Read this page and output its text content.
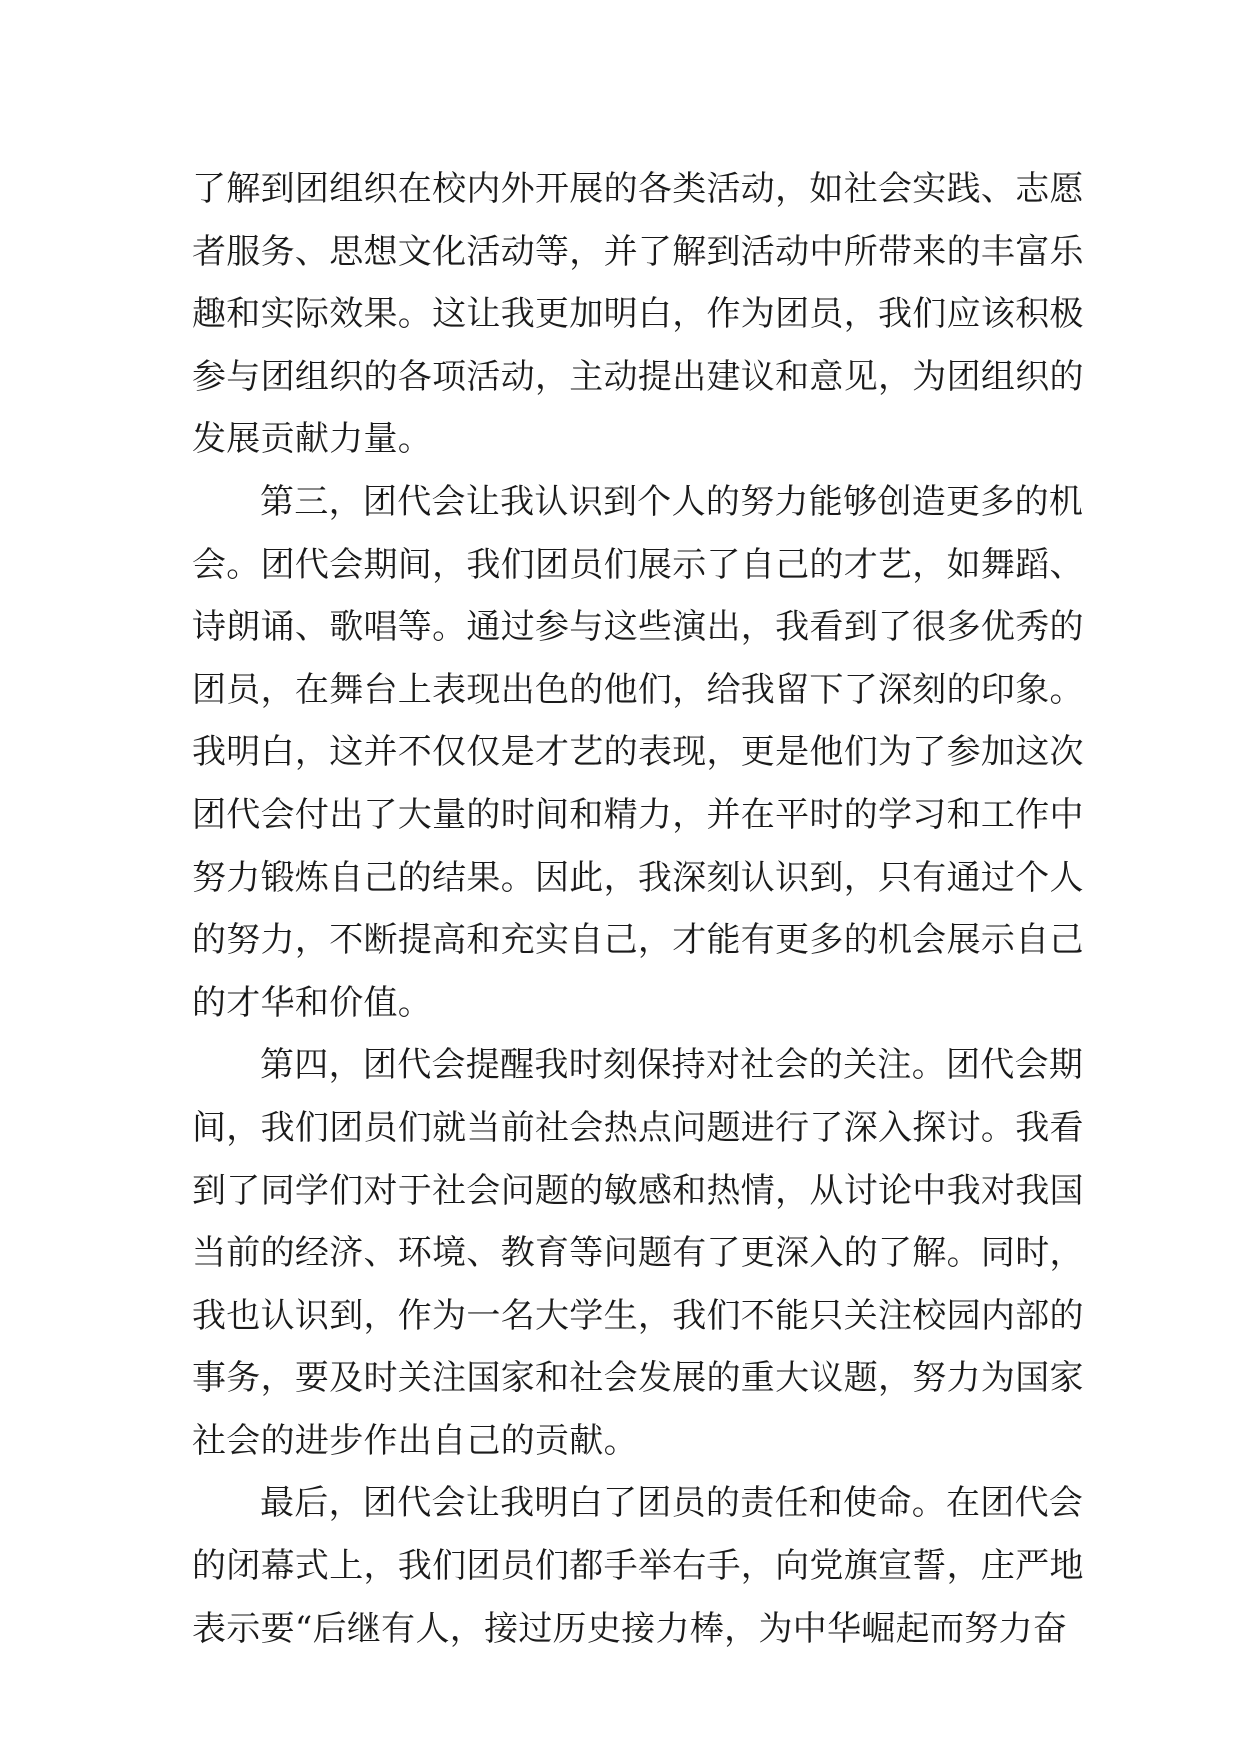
了解到团组织在校内外开展的各类活动，如社会实践、志愿
者服务、思想文化活动等，并了解到活动中所带来的丰富乐
趣和实际效果。这让我更加明白，作为团员，我们应该积极
参与团组织的各项活动，主动提出建议和意见，为团组织的
发展贡献力量。
第三，团代会让我认识到个人的努力能够创造更多的机
会。团代会期间，我们团员们展示了自己的才艺，如舞蹈、
诗朗诵、歌唱等。通过参与这些演出，我看到了很多优秀的
团员，在舞台上表现出色的他们，给我留下了深刻的印象。
我明白，这并不仅仅是才艺的表现，更是他们为了参加这次
团代会付出了大量的时间和精力，并在平时的学习和工作中
努力锻炼自己的结果。因此，我深刻认识到，只有通过个人
的努力，不断提高和充实自己，才能有更多的机会展示自己
的才华和价值。
第四，团代会提醒我时刻保持对社会的关注。团代会期
间，我们团员们就当前社会热点问题进行了深入探讨。我看
到了同学们对于社会问题的敏感和热情，从讨论中我对我国
当前的经济、环境、教育等问题有了更深入的了解。同时，
我也认识到，作为一名大学生，我们不能只关注校园内部的
事务，要及时关注国家和社会发展的重大议题，努力为国家
社会的进步作出自己的贡献。
最后，团代会让我明白了团员的责任和使命。在团代会
的闭幕式上，我们团员们都手举右手，向党旗宣誓，庄严地
表示要“后继有人，接过历史接力棒，为中华崛起而努力奋
